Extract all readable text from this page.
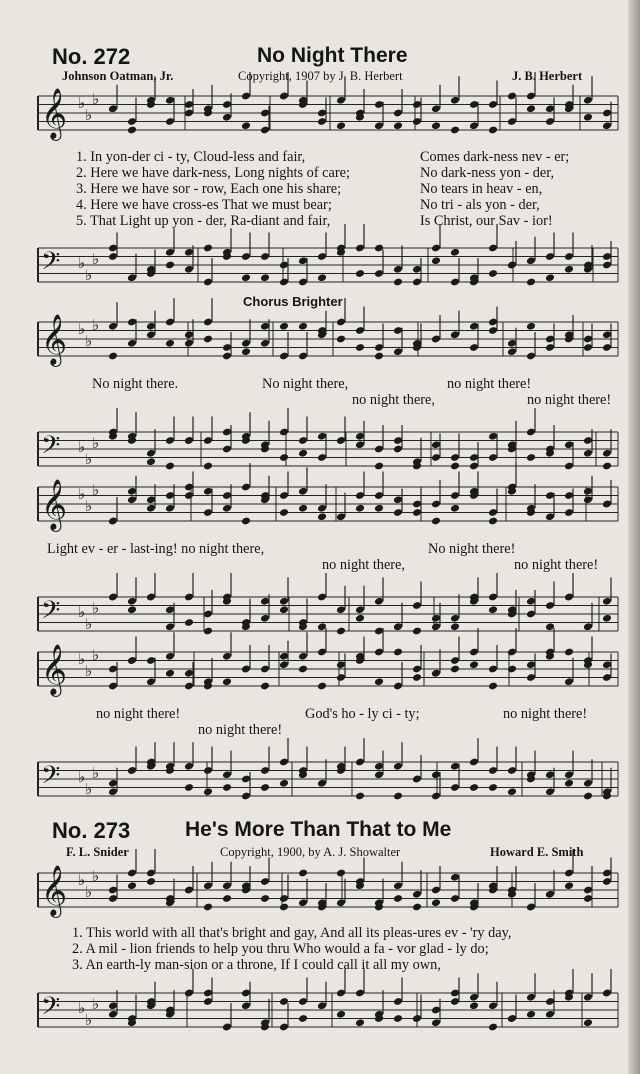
No. 272	No Night There
Johnson Oatman, Jr.	Copyright, 1907 by J. B. Herbert	J. B. Herbert
𝄞 ♭
♭
♭
𝄢 ♭
♭
♭
𝄞 ♭
♭
♭
𝄢 ♭
♭
♭
𝄞 ♭
♭
♭
𝄢 ♭
♭
♭
𝄞 ♭
♭
♭
𝄢 ♭
♭
♭
𝄞 ♭
♭
♭
𝄢 ♭
♭
♭
1. In yon-der ci - ty, Cloud-less and fair,
2. Here we have dark-ness, Long nights of care;
3. Here we have sor - row, Each one his share;
4. Here we have cross-es That we must bear;
5. That Light up yon - der, Ra-diant and fair,
Comes dark-ness nev - er;
No dark-ness yon - der,
No tears in heav - en,
No tri - als yon - der,
Is Christ, our Sav - ior!
Chorus Brighter
No night there.	No night there,	no night there!
no night there,	no night there!
Light ev - er - last-ing! no night there,	No night there!
no night there,	no night there!
no night there!	God's ho - ly ci - ty;	no night there!
no night there!
No. 273	He's More Than That to Me
F. L. Snider	Copyright, 1900, by A. J. Showalter	Howard E. Smith
1. This world with all that's bright and gay, And all its pleas-ures ev - 'ry day,
2. A mil - lion friends to help you thru Who would a fa - vor glad - ly do;
3. An earth-ly man-sion or a throne, If I could call it all my own,
